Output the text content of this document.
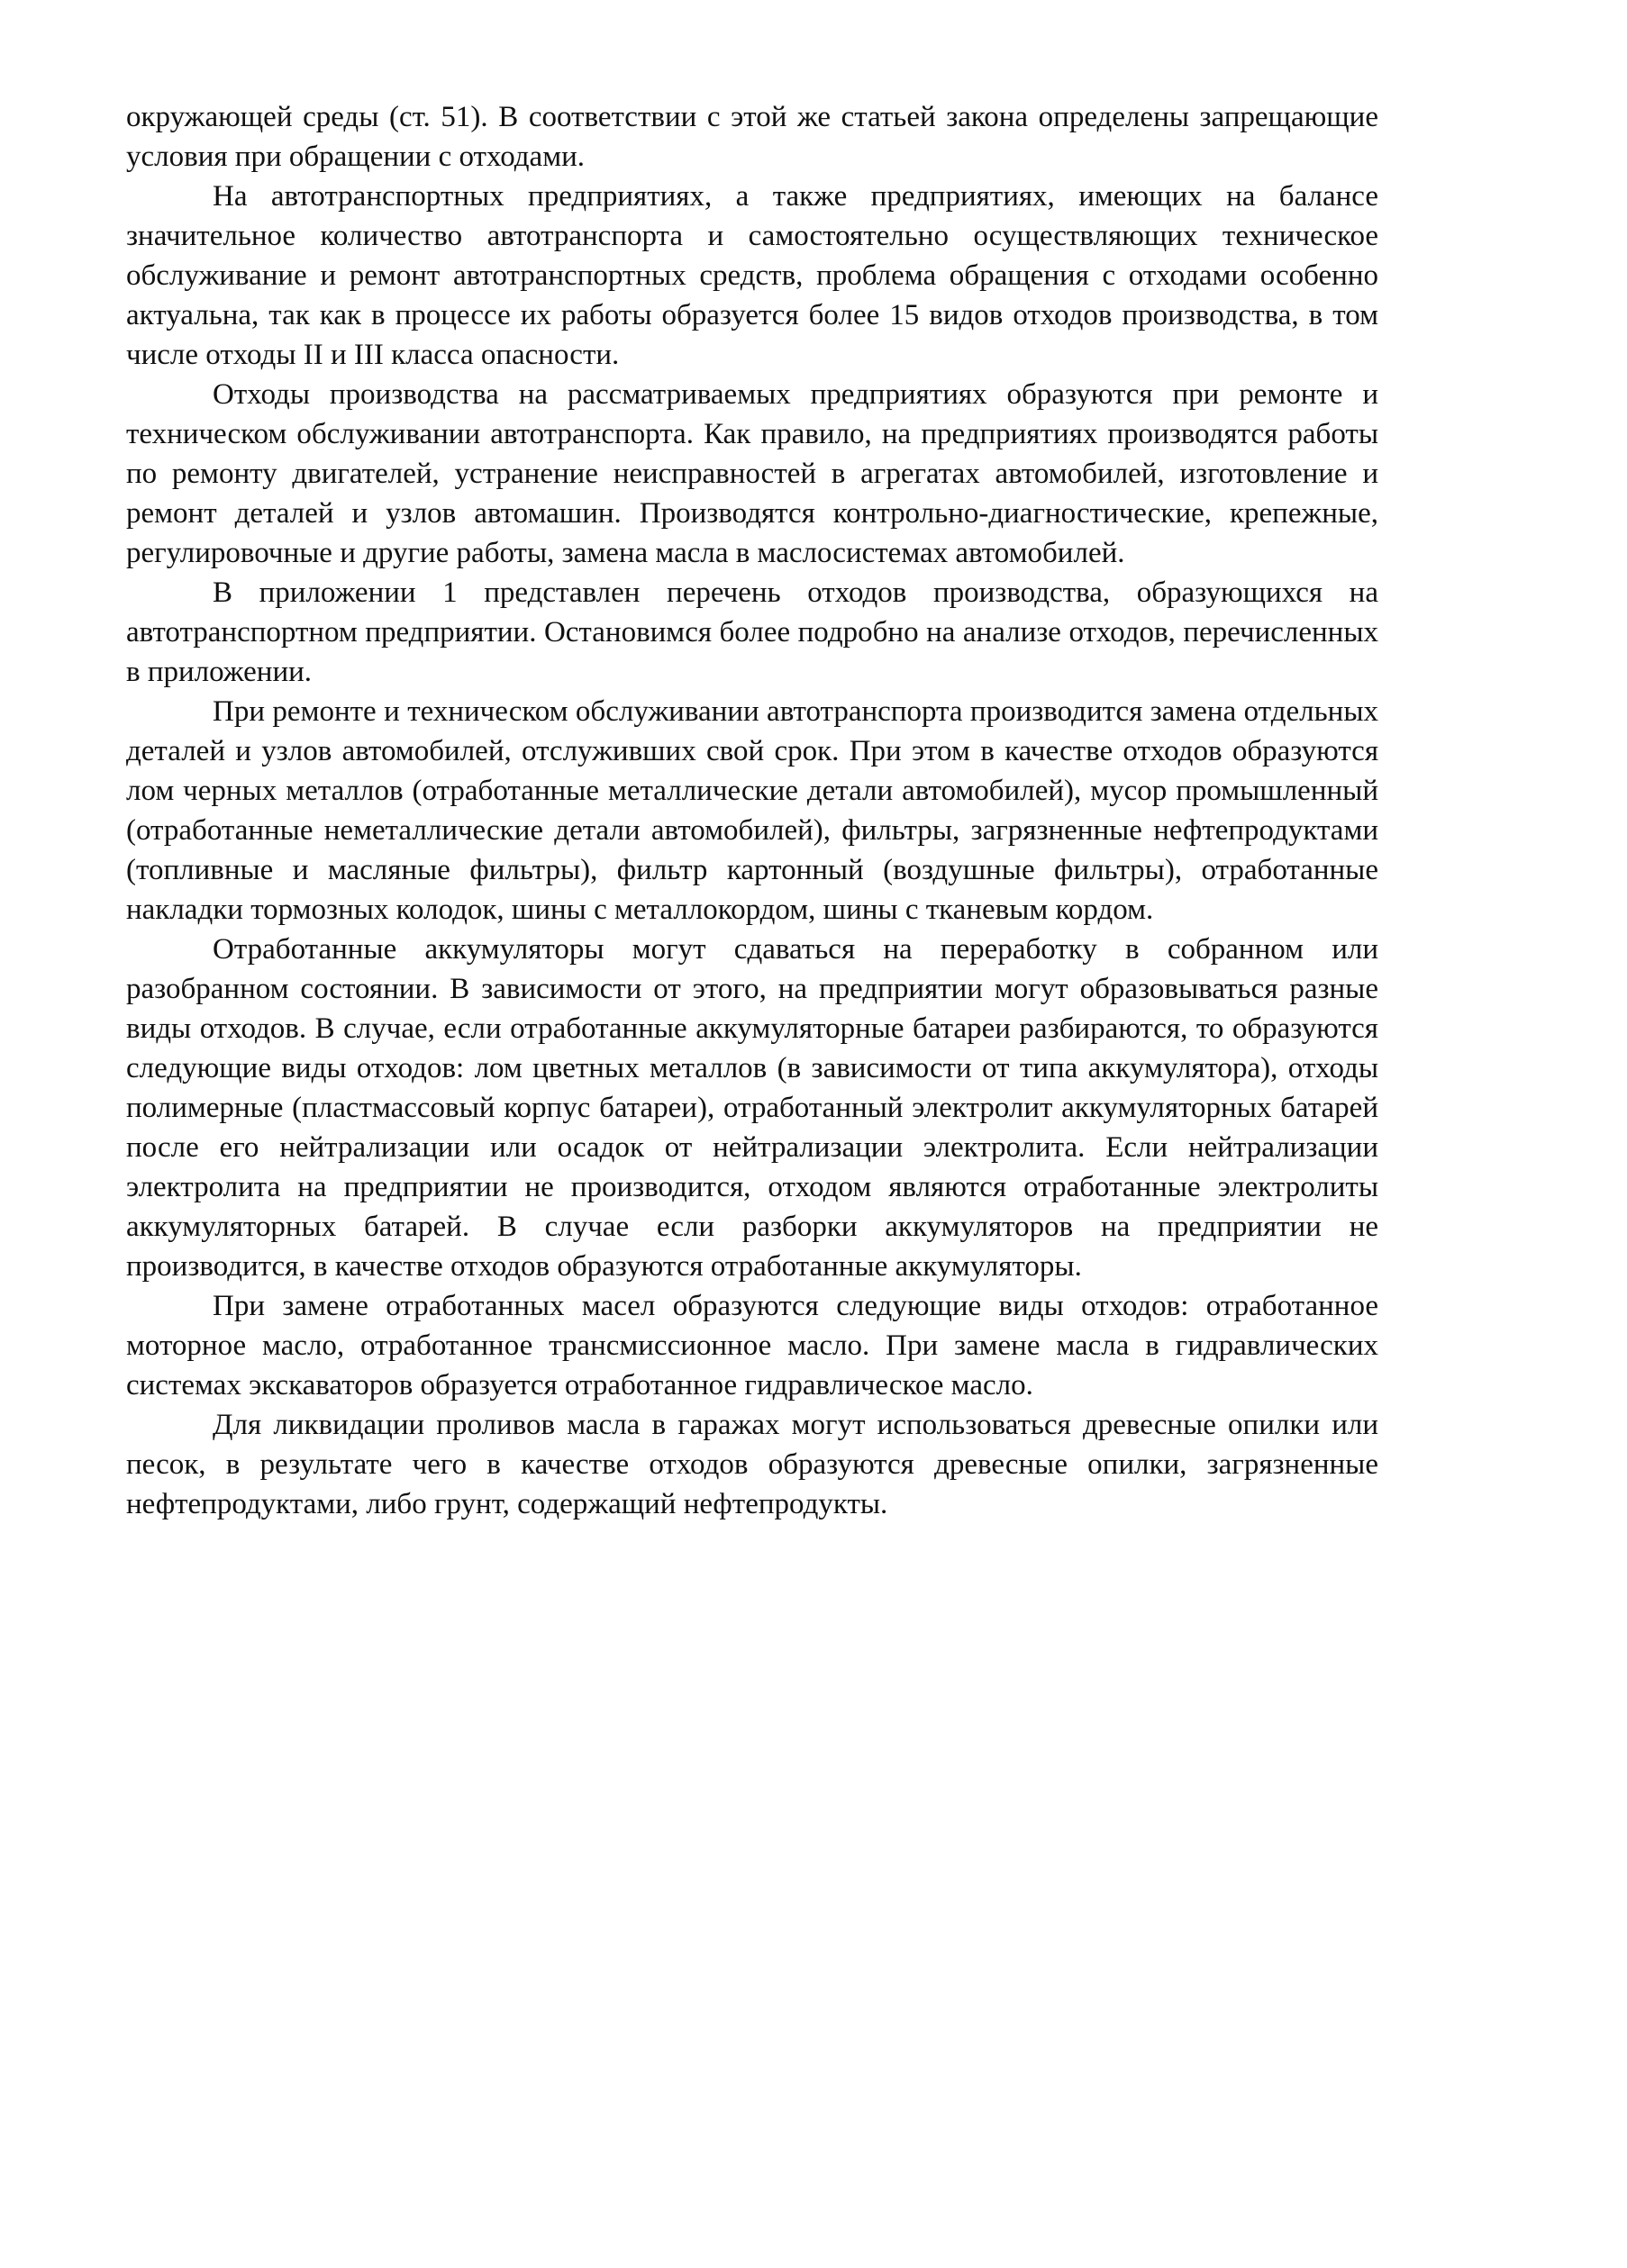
окружающей среды (ст. 51). В соответствии с этой же статьей закона определены запрещающие условия при обращении с отходами.

На автотранспортных предприятиях, а также предприятиях, имеющих на балансе значительное количество автотранспорта и самостоятельно осуществляющих техническое обслуживание и ремонт автотранспортных средств, проблема обращения с отходами особенно актуальна, так как в процессе их работы образуется более 15 видов отходов производства, в том числе отходы II и III класса опасности.

Отходы производства на рассматриваемых предприятиях образуются при ремонте и техническом обслуживании автотранспорта. Как правило, на предприятиях производятся работы по ремонту двигателей, устранение неисправностей в агрегатах автомобилей, изготовление и ремонт деталей и узлов автомашин. Производятся контрольно-диагностические, крепежные, регулировочные и другие работы, замена масла в маслосистемах автомобилей.

В приложении 1 представлен перечень отходов производства, образующихся на автотранспортном предприятии. Остановимся более подробно на анализе отходов, перечисленных в приложении.

При ремонте и техническом обслуживании автотранспорта производится замена отдельных деталей и узлов автомобилей, отслуживших свой срок. При этом в качестве отходов образуются лом черных металлов (отработанные металлические детали автомобилей), мусор промышленный (отработанные неметаллические детали автомобилей), фильтры, загрязненные нефтепродуктами (топливные и масляные фильтры), фильтр картонный (воздушные фильтры), отработанные накладки тормозных колодок, шины с металлокордом, шины с тканевым кордом.

Отработанные аккумуляторы могут сдаваться на переработку в собранном или разобранном состоянии. В зависимости от этого, на предприятии могут образовываться разные виды отходов. В случае, если отработанные аккумуляторные батареи разбираются, то образуются следующие виды отходов: лом цветных металлов (в зависимости от типа аккумулятора), отходы полимерные (пластмассовый корпус батареи), отработанный электролит аккумуляторных батарей после его нейтрализации или осадок от нейтрализации электролита. Если нейтрализации электролита на предприятии не производится, отходом являются отработанные электролиты аккумуляторных батарей. В случае если разборки аккумуляторов на предприятии не производится, в качестве отходов образуются отработанные аккумуляторы.

При замене отработанных масел образуются следующие виды отходов: отработанное моторное масло, отработанное трансмиссионное масло. При замене масла в гидравлических системах экскаваторов образуется отработанное гидравлическое масло.

Для ликвидации проливов масла в гаражах могут использоваться древесные опилки или песок, в результате чего в качестве отходов образуются древесные опилки, загрязненные нефтепродуктами, либо грунт, содержащий нефтепродукты.
